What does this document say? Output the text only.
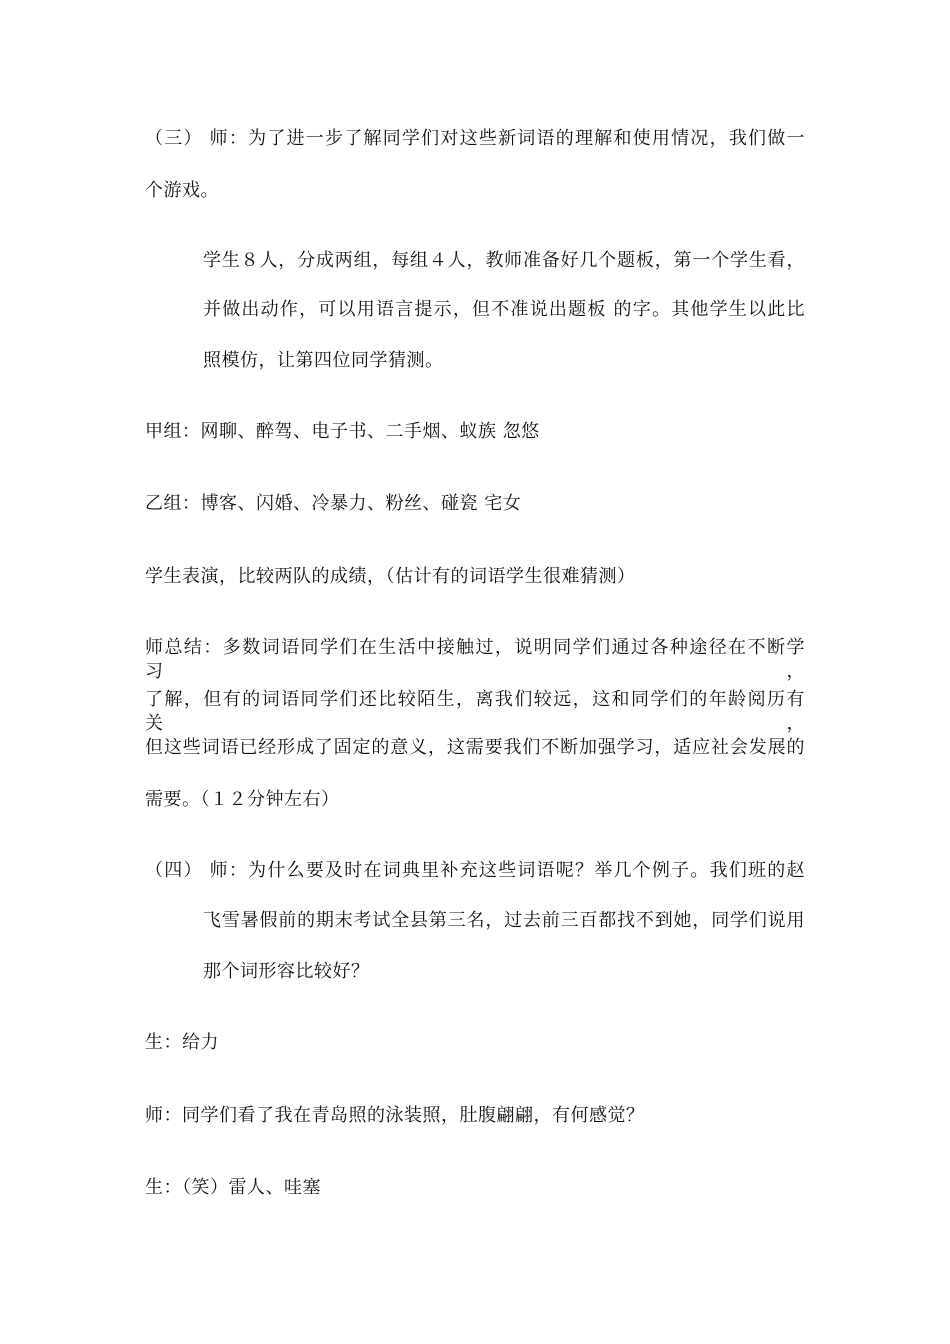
（三） 师：为了进一步了解同学们对这些新词语的理解和使用情况，我们做一
个游戏。
学生８人，分成两组，每组４人，教师准备好几个题板，第一个学生看，
并做出动作，可以用语言提示，但不准说出题板 的字。其他学生以此比
照模仿，让第四位同学猜测。
甲组：网聊、醉驾、电子书、二手烟、蚁族 忽悠
乙组：博客、闪婚、冷暴力、粉丝、碰瓷 宅女
学生表演，比较两队的成绩，（估计有的词语学生很难猜测）
师总结：多数词语同学们在生活中接触过，说明同学们通过各种途径在不断学习，
了解，但有的词语同学们还比较陌生，离我们较远，这和同学们的年龄阅历有关，
但这些词语已经形成了固定的意义，这需要我们不断加强学习，适应社会发展的
需要。（１２分钟左右）
（四） 师：为什么要及时在词典里补充这些词语呢？举几个例子。我们班的赵
飞雪暑假前的期末考试全县第三名，过去前三百都找不到她，同学们说用
那个词形容比较好？
生：给力
师：同学们看了我在青岛照的泳装照，肚腹翩翩，有何感觉？
生：（笑）雷人、哇塞
